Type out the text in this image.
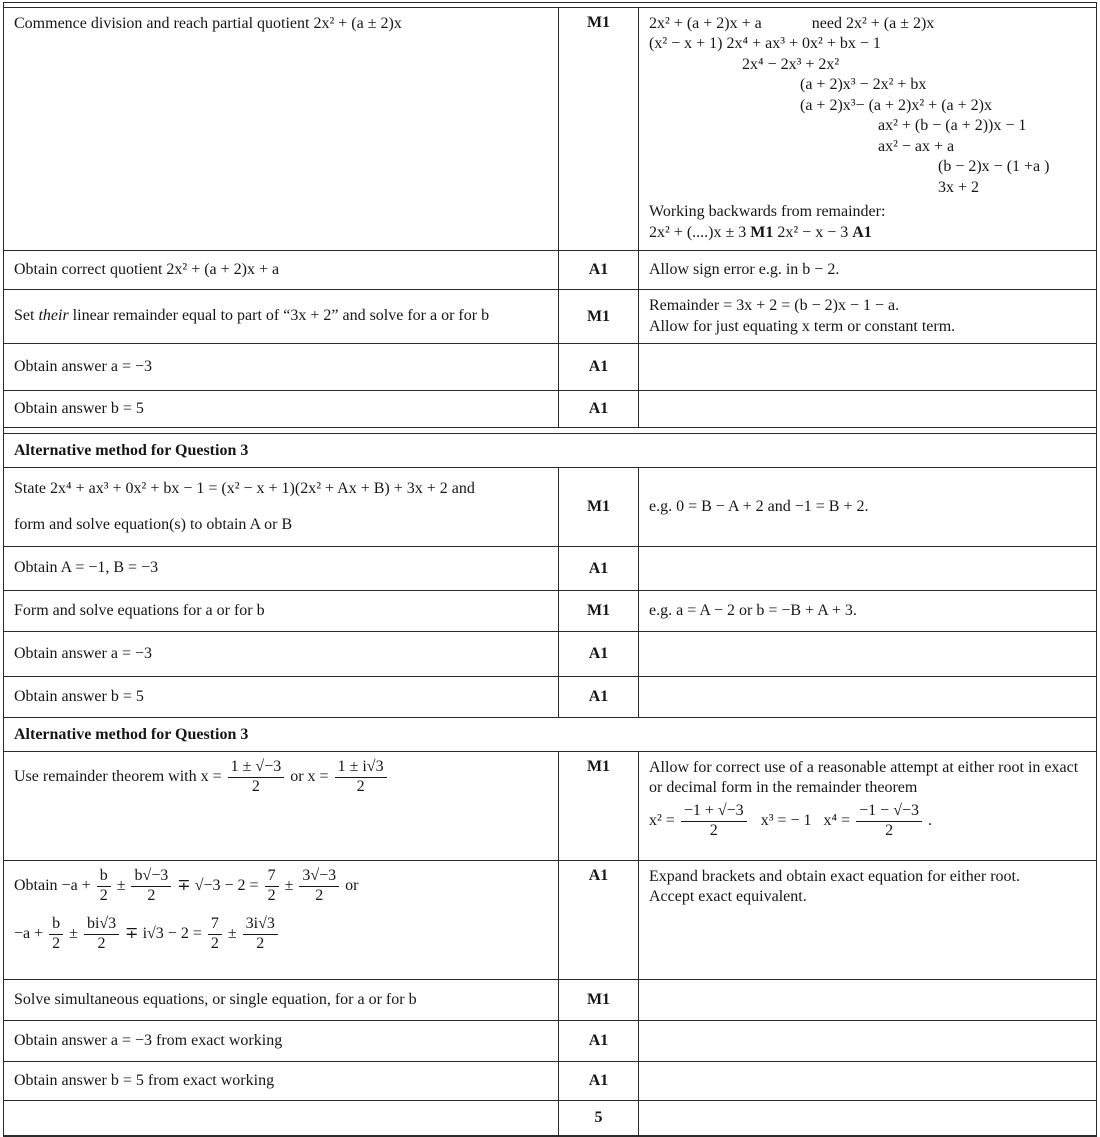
Commence division and reach partial quotient 2x² + (a ± 2)x	M1	2x² + (a + 2)x + a	need 2x² + (a ± 2)x
(x² − x + 1) 2x⁴ + ax³ + 0x² + bx − 1
2x⁴ − 2x³ + 2x²
(a + 2)x³ − 2x² + bx
(a + 2)x³− (a + 2)x² + (a + 2)x
ax² + (b − (a + 2))x − 1
ax² − ax + a
(b − 2)x − (1 +a )
3x + 2
Working backwards from remainder:
2x² + (....)x ± 3 M1 2x² − x − 3 A1
Obtain correct quotient 2x² + (a + 2)x + a	A1	Allow sign error e.g. in b − 2.
Set their linear remainder equal to part of “3x + 2” and solve for a or for b	M1
Remainder = 3x + 2 = (b − 2)x − 1 − a.
Allow for just equating x term or constant term.
Obtain answer a = −3	A1
Obtain answer b = 5	A1
Alternative method for Question 3
State 2x⁴ + ax³ + 0x² + bx − 1 = (x² − x + 1)(2x² + Ax + B) + 3x + 2 and
form and solve equation(s) to obtain A or B
M1	e.g. 0 = B − A + 2 and −1 = B + 2.
Obtain A = −1, B = −3	A1
Form and solve equations for a or for b	M1	e.g. a = A − 2 or b = −B + A + 3.
Obtain answer a = −3	A1
Obtain answer b = 5	A1
Alternative method for Question 3
Use remainder theorem with $x = \frac{1 \pm √-3}{2}$ or $x = \frac{1 \pm i√3}{2}$	M1	Allow for correct use of a reasonable attempt at either root in exact or decimal form in the remainder theorem
$x^2 = \frac{-1 + √-3}{2} x^3$ = − 1   $x^4 = \frac{-1 - √-3}{2}$ .
Obtain $-a + \frac{b}{2} \pm \frac{b√-3}{2} \mp √-3 - 2 = \frac{7}{2} \pm \frac{3√-3}{2}$ or
$-a + \frac{b}{2} \pm \frac{bi√3}{2} \mp i√3 - 2 = \frac{7}{2} \pm \frac{3i√3}{2}$
A1	Expand brackets and obtain exact equation for either root.
Accept exact equivalent.
Solve simultaneous equations, or single equation, for a or for b	M1
Obtain answer a = −3 from exact working	A1
Obtain answer b = 5 from exact working	A1
5
